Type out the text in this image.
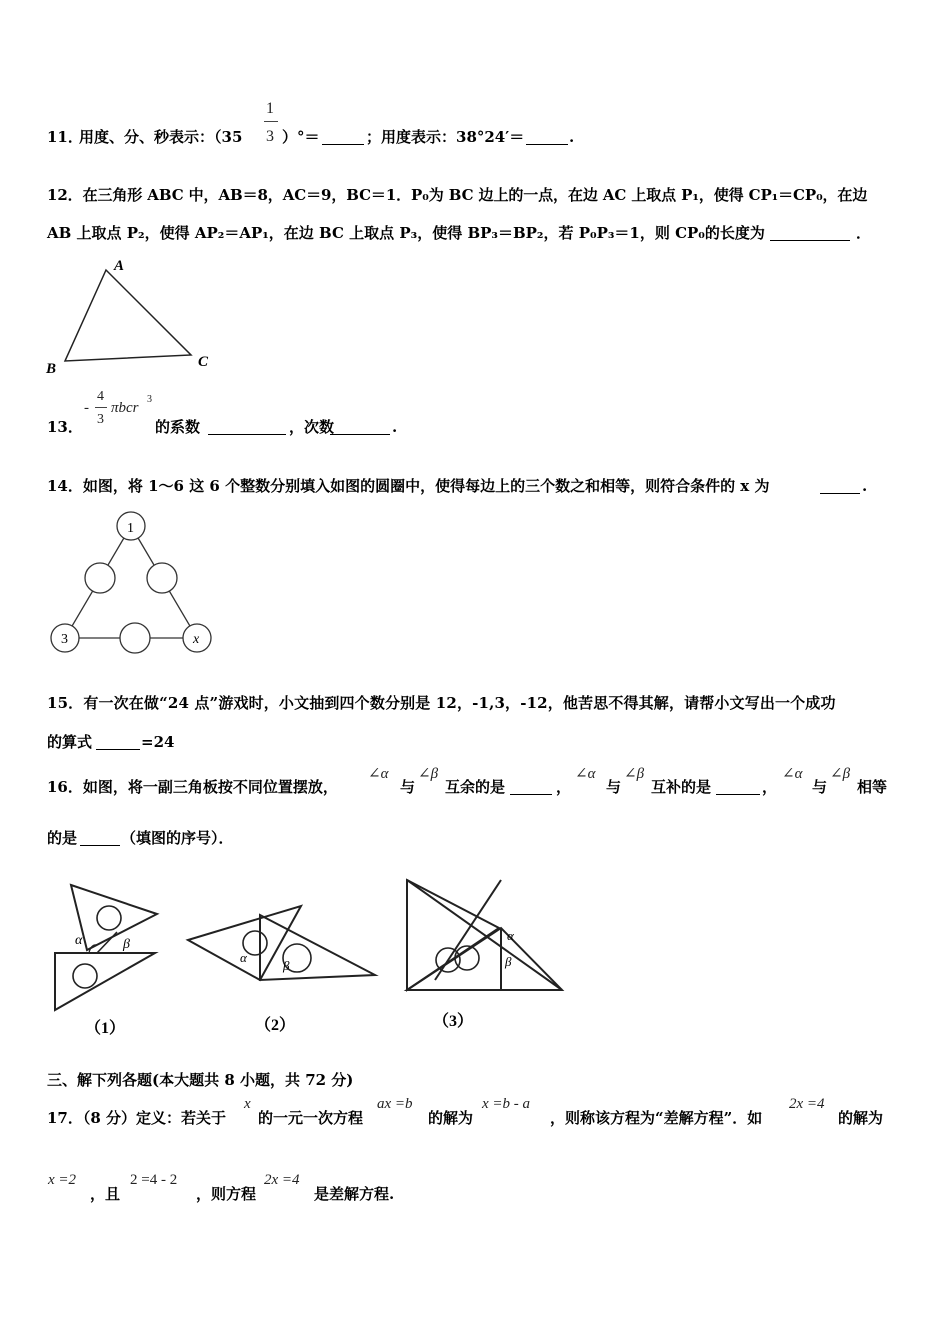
11．
用度、分、秒表示：（35
1
3 ）°＝	；用度表示：38°24′＝	.
12．在三角形 ABC 中，AB＝8，AC＝9，BC＝1．P₀为 BC 边上的一点，在边 AC 上取点 P₁，使得 CP₁＝CP₀，在边
AB 上取点 P₂，使得 AP₂＝AP₁，在边 BC 上取点 P₃，使得 BP₃＝BP₂，若 P₀P₃＝1，则 CP₀的长度为	．
A
B	C
13．
-
4
3
πbcr
3
的系数	，次数	.
14．如图，将 1～6 这 6 个整数分别填入如图的圆圈中，使得每边上的三个数之和相等，则符合条件的 x 为	.
1
3	x
15．有一次在做“24 点”游戏时，小文抽到四个数分别是 12，-1,3，-12，他苦思不得其解，请帮小文写出一个成功
的算式	=24
16．如图，将一副三角板按不同位置摆放，
∠α
与
∠β
互余的是	，
∠α
与
∠β
互补的是	，
∠α
与
∠β
相等
的是	（填图的序号）．
α	β
（1）
α
β
（2）
α
β
（3）
三、解下列各题(本大题共 8 小题，共 72 分)
17．（8 分）定义：若关于
x
的一元一次方程
ax =b
的解为
x =b - a
，则称该方程为“差解方程”．如
2x =4
的解为
x =2
，且
2 =4 - 2
，则方程
2x =4
是差解方程.
